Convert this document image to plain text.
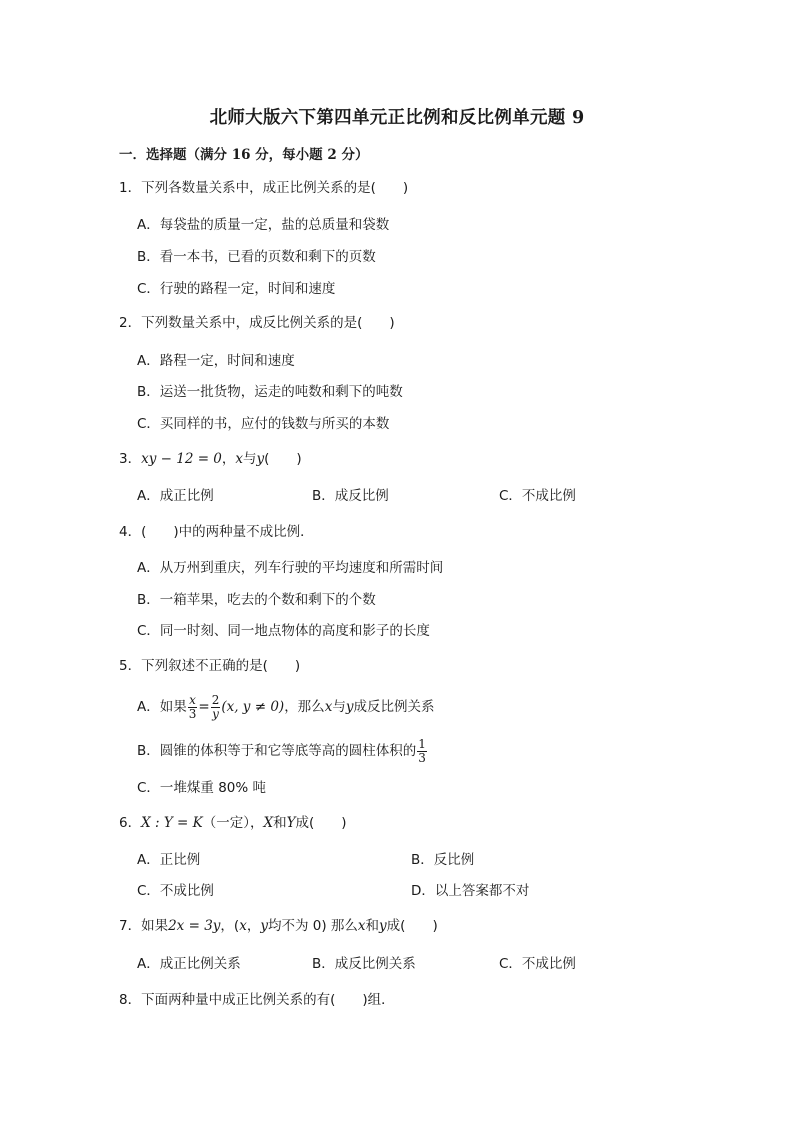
北师大版六下第四单元正比例和反比例单元题 9
一．选择题（满分 16 分，每小题 2 分）
1．下列各数量关系中，成正比例关系的是(　　)
A．每袋盐的质量一定，盐的总质量和袋数
B．看一本书，已看的页数和剩下的页数
C．行驶的路程一定，时间和速度
2．下列数量关系中，成反比例关系的是(　　)
A．路程一定，时间和速度
B．运送一批货物，运走的吨数和剩下的吨数
C．买同样的书，应付的钱数与所买的本数
3．xy − 12 = 0，x与y(　　)
A．成正比例	B．成反比例	C．不成比例
4．(　　)中的两种量不成比例．
A．从万州到重庆，列车行驶的平均速度和所需时间
B．一箱苹果，吃去的个数和剩下的个数
C．同一时刻、同一地点物体的高度和影子的长度
5．下列叙述不正确的是(　　)
A．如果 $\frac{x}{3} = \frac{2}{y} (x$, y ≠ 0)，那么x与y成反比例关系
B．圆锥的体积等于和它等底等高的圆柱体积的 $\frac{1}{3}$
C．一堆煤重 80% 吨
6．X : Y = K（一定），X和Y成(　　)
A．正比例	B．反比例
C．不成比例	D．以上答案都不对
7．如果2x = 3y，(x，y均不为 0) 那么x和y成(　　)
A．成正比例关系	B．成反比例关系	C．不成比例
8．下面两种量中成正比例关系的有(　　)组．
